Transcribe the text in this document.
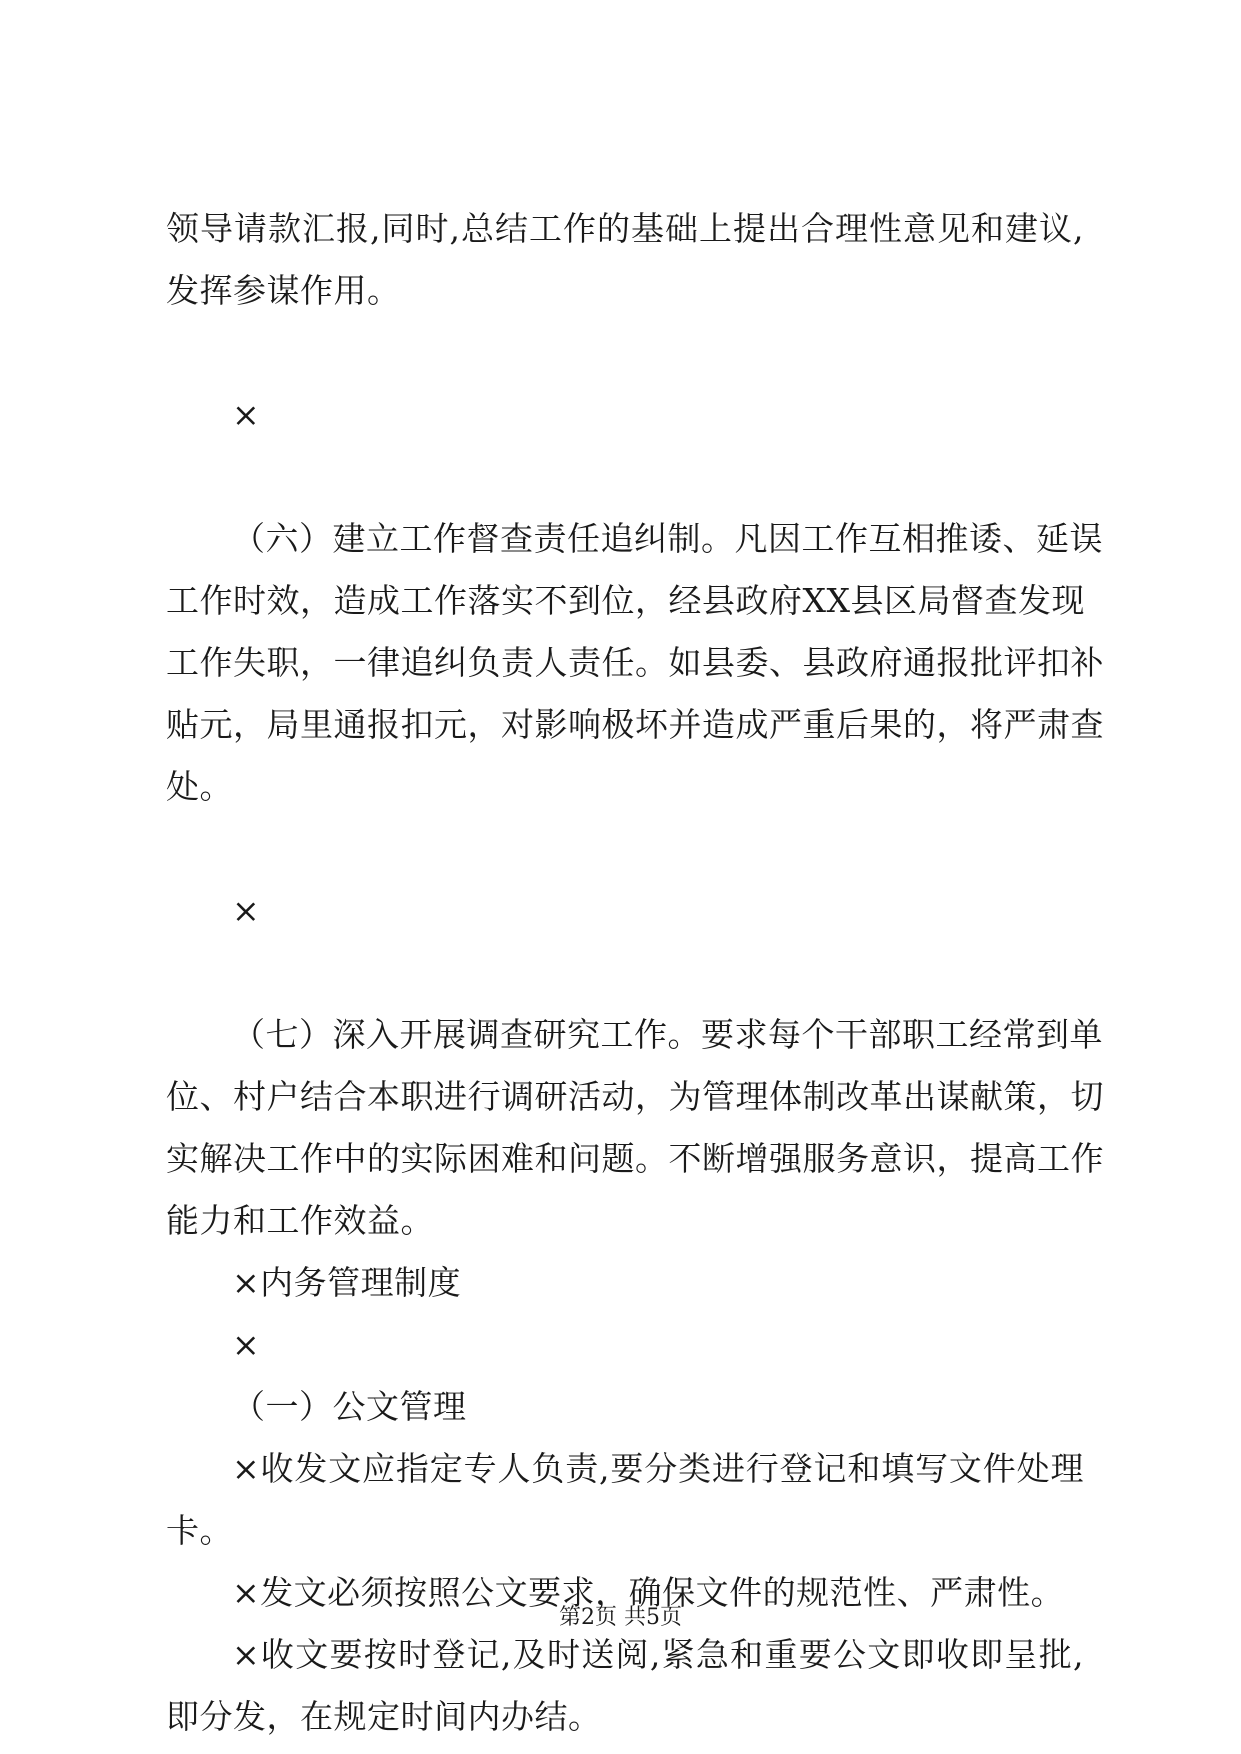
领导请款汇报,同时,总结工作的基础上提出合理性意见和建议,
发挥参谋作用。
×
（六）建立工作督查责任追纠制。凡因工作互相推诿、延误
工作时效，造成工作落实不到位，经县政府XX县区局督查发现
工作失职，一律追纠负责人责任。如县委、县政府通报批评扣补
贴元，局里通报扣元，对影响极坏并造成严重后果的，将严肃查
处。
×
（七）深入开展调查研究工作。要求每个干部职工经常到单
位、村户结合本职进行调研活动，为管理体制改革出谋献策，切
实解决工作中的实际困难和问题。不断增强服务意识，提高工作
能力和工作效益。
×内务管理制度
×
（一）公文管理
×收发文应指定专人负责,要分类进行登记和填写文件处理
卡。
×发文必须按照公文要求，确保文件的规范性、严肃性。
×收文要按时登记,及时送阅,紧急和重要公文即收即呈批,
即分发，在规定时间内办结。
第2页 共5页
